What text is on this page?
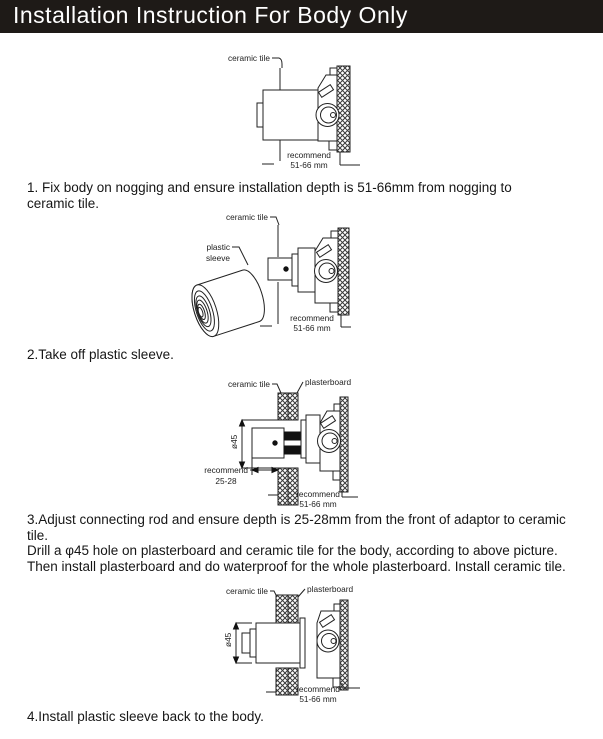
Installation Instruction For Body Only
ceramic tile
recommend
51-66 mm

1. Fix body on nogging and ensure installation depth is 51-66mm from nogging to ceramic tile.

ceramic tile
plastic
sleeve
recommend
51-66 mm

2.Take off plastic sleeve.

ceramic tile	plasterboard
ø45
recommend
25-28
recommend
51-66 mm

3.Adjust connecting rod and ensure depth is 25-28mm from the front of adaptor to ceramic tile.

Drill a φ45 hole on plasterboard and ceramic tile for the body, according to above picture. Then install plasterboard and do waterproof for the whole plasterboard. Install ceramic tile.

ceramic tile	plasterboard
ø45
recommend
51-66 mm

4.Install plastic sleeve back to the body.
